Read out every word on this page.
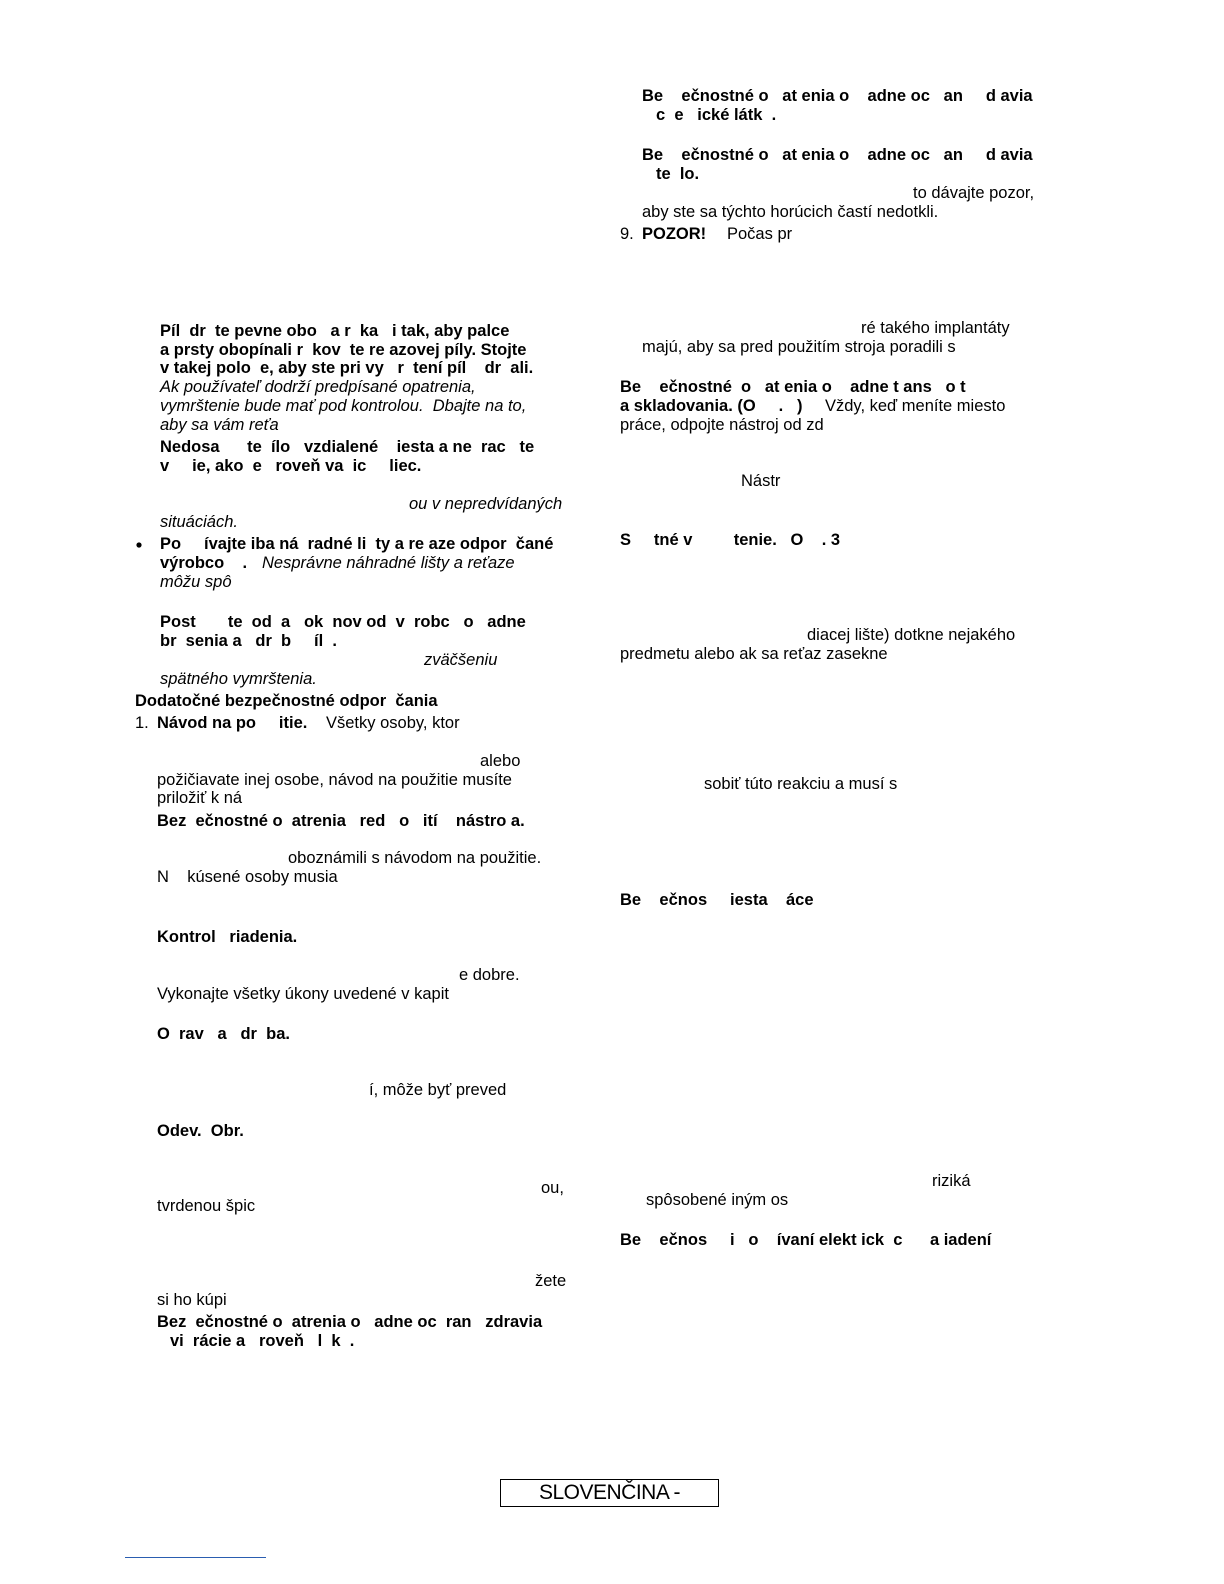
Píl  dr  te pevne obo   a r  ka   i tak, aby palce

a prsty obopínali r  kov  te re azovej píly. Stojte

v takej polo  e, aby ste pri vy   r  tení píl    dr  ali.

Ak používateľ dodrží predpísané opatrenia,

vymrštenie bude mať pod kontrolou.  Dbajte na to,

aby sa vám reťa

Nedosa      te  ílo   vzdialené    iesta a ne  rac   te

v     ie, ako  e   roveň va  ic     liec.

ou v nepredvídaných

situáciách.

Po     ívajte iba ná  radné li  ty a re aze odpor  čané

výrobco    . Nesprávne náhradné lišty a reťaze

môžu spô

Post       te  od  a   ok  nov od  v  robc   o   adne

br  senia a   dr  b     íl  .

zväčšeniu

spätného vymrštenia.

Dodatočné bezpečnostné odpor  čania

1. Návod na po     itie. Všetky osoby, ktor

alebo

požičiavate inej osobe, návod na použitie musíte

priložiť k ná

Bez  ečnostné o  atrenia   red   o   ití    nástro a.

oboznámili s návodom na použitie.

N    kúsené osoby musia

Kontrol   riadenia.

e dobre.

Vykonajte všetky úkony uvedené v kapit

O  rav   a   dr  ba.

í, môže byť preved

Odev.  Obr.

ou,

tvrdenou špic

žete

si ho kúpi

Bez  ečnostné o  atrenia o   adne oc  ran   zdravia

vi  rácie a   roveň   l  k  .

Be    ečnostné o   at enia o    adne oc   an     d avia

c  e   ické látk  .

Be    ečnostné o   at enia o    adne oc   an     d avia

te  lo.

to dávajte pozor,

aby ste sa týchto horúcich častí nedotkli.

9. POZOR! Počas pr

ré takého implantáty

majú, aby sa pred použitím stroja poradili s

Be    ečnostné  o   at enia o    adne t ans   o t

a skladovania. (O     .   ) Vždy, keď meníte miesto

práce, odpojte nástroj od zd

Nástr

S     tné v         tenie.   O    . 3

diacej lište) dotkne nejakého

predmetu alebo ak sa reťaz zasekne

sobiť túto reakciu a musí s

Be    ečnos     iesta    áce

riziká

spôsobené iným os

Be    ečnos     i   o    ívaní elekt ick  c      a iadení

SLOVENČINA -
